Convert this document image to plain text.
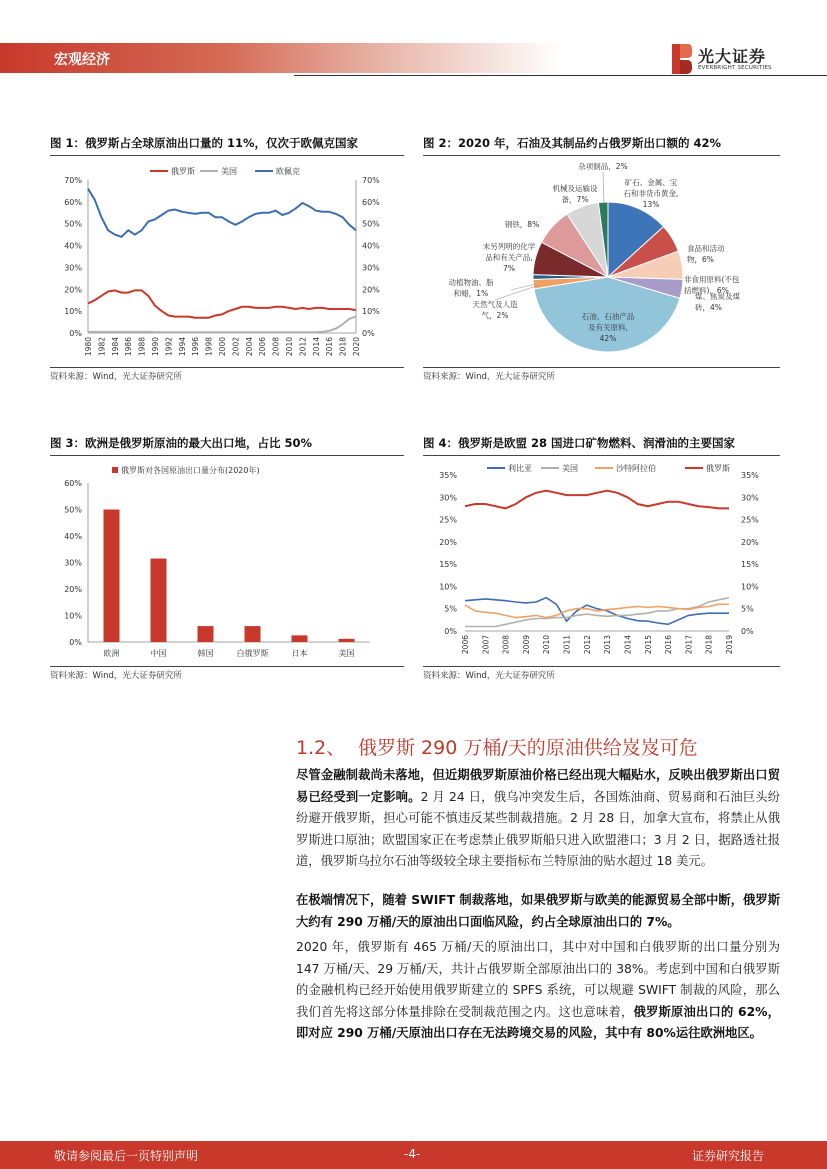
宏观经济	光大证券
EVERBRIGHT SECURITIES
图 1：俄罗斯占全球原油出口量的 11%，仅次于欧佩克国家
俄罗斯	美国	欧佩克
0%	0%
10%	10%
20%	20%
30%	30%
40%	40%
50%	50%
60%	60%
70%	70%
1980 1982 1984 1986 1988 1990 1992 1994 1996 1998 2000 2002 2004 2006 2008 2010 2012 2014 2016 2018 2020
资料来源：Wind，光大证券研究所
图 2：2020 年，石油及其制品约占俄罗斯出口额的 42%
杂项制品，2%
机械及运输设
备，7%
矿石、金属、宝
石和非货币黄金,
13%
食品和活动
物，6%
非食用原料(不包
括燃料)，6%
煤、焦炭及煤
砖，4%
石油、石油产品
及有关原料,
42%
钢铁，8%
未另列明的化学
品和有关产品,
7%
动植物油、脂
和蜡，1%
天然气及人造
气，2%
资料来源：Wind，光大证券研究所
图 3：欧洲是俄罗斯原油的最大出口地，占比 50%
俄罗斯对各国原油出口量分布(2020年)
0%
10%
20%
30%
40%
50%
60%
欧洲	中国	韩国	白俄罗斯	日本	美国
资料来源：Wind，光大证券研究所
图 4：俄罗斯是欧盟 28 国进口矿物燃料、润滑油的主要国家
利比亚	美国	沙特阿拉伯	俄罗斯
0%	0%
5%	5%
10%	10%
15%	15%
20%	20%
25%	25%
30%	30%
35%	35%
2006 2007 2008 2009 2010 2011 2012 2013 2014 2015 2016 2017 2018 2019
资料来源：Wind，光大证券研究所
1.2、 俄罗斯 290 万桶/天的原油供给岌岌可危
尽管金融制裁尚未落地，但近期俄罗斯原油价格已经出现大幅贴水，反映出俄罗斯出口贸易已经受到一定影响。2 月 24 日，俄乌冲突发生后，各国炼油商、贸易商和石油巨头纷纷避开俄罗斯，担心可能不慎违反某些制裁措施。2 月 28 日，加拿大宣布，将禁止从俄罗斯进口原油；欧盟国家正在考虑禁止俄罗斯船只进入欧盟港口；3 月 2 日，据路透社报道，俄罗斯乌拉尔石油等级较全球主要指标布兰特原油的贴水超过 18 美元。
在极端情况下，随着 SWIFT 制裁落地，如果俄罗斯与欧美的能源贸易全部中断，俄罗斯大约有 290 万桶/天的原油出口面临风险，约占全球原油出口的 7%。
2020 年，俄罗斯有 465 万桶/天的原油出口，其中对中国和白俄罗斯的出口量分别为 147 万桶/天、29 万桶/天，共计占俄罗斯全部原油出口的 38%。考虑到中国和白俄罗斯的金融机构已经开始使用俄罗斯建立的 SPFS 系统，可以规避 SWIFT 制裁的风险，那么我们首先将这部分体量排除在受制裁范围之内。这也意味着，俄罗斯原油出口的 62%，即对应 290 万桶/天原油出口存在无法跨境交易的风险，其中有 80%运往欧洲地区。
敬请参阅最后一页特别声明	-4-	证券研究报告
